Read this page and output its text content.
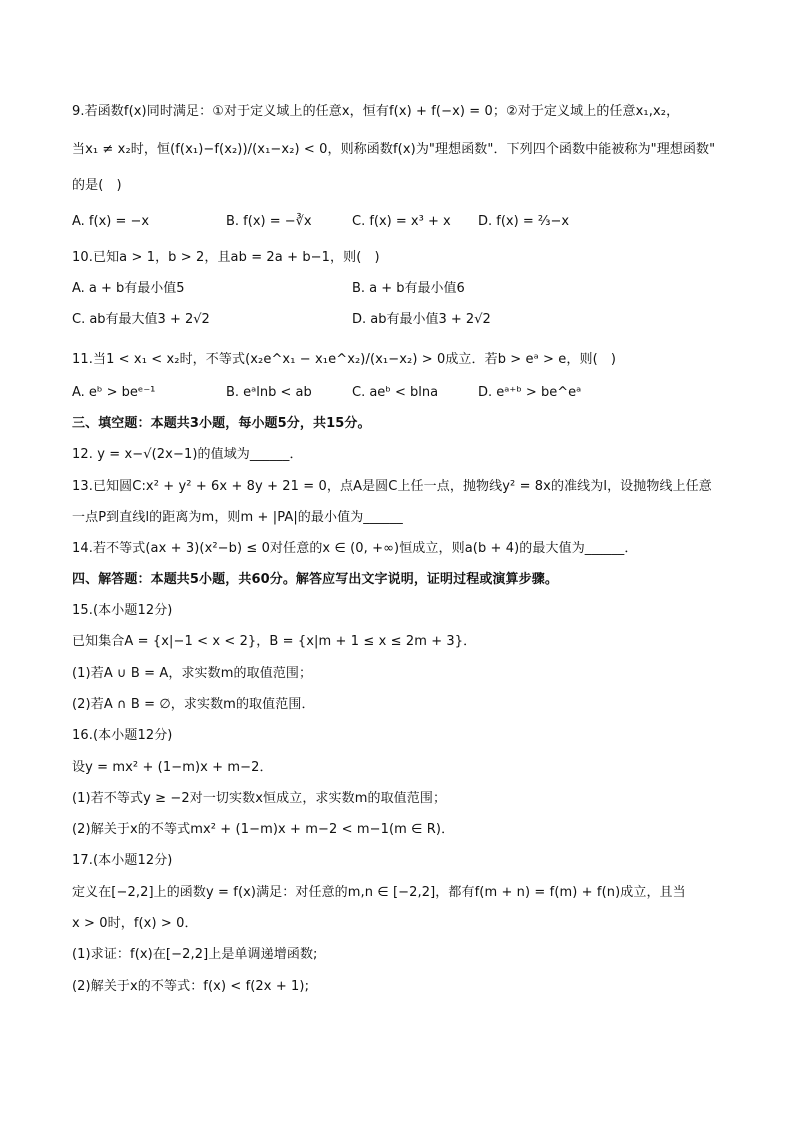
9.若函数f(x)同时满足：①对于定义域上的任意x，恒有f(x) + f(−x) = 0；②对于定义域上的任意x₁,x₂，
当x₁ ≠ x₂时，恒(f(x₁)−f(x₂))/(x₁−x₂) < 0，则称函数f(x)为"理想函数"．下列四个函数中能被称为"理想函数"
的是(　)
A. f(x) = −x	B. f(x) = −∛x	C. f(x) = x³ + x D. f(x) = ⅔−x
10.已知a > 1，b > 2，且ab = 2a + b−1，则(　)
A. a + b有最小值5	B. a + b有最小值6
C. ab有最大值3 + 2√2	D. ab有最小值3 + 2√2
11.当1 < x₁ < x₂时，不等式(x₂e^x₁ − x₁e^x₂)/(x₁−x₂) > 0成立．若b > eᵃ > e，则(　)
A. eᵇ > beᵉ⁻¹	B. eᵃlnb < ab	C. aeᵇ < blna	D. eᵃ⁺ᵇ > be^eᵃ
三、填空题：本题共3小题，每小题5分，共15分。
12. y = x−√(2x−1)的值域为______．
13.已知圆C:x² + y² + 6x + 8y + 21 = 0，点A是圆C上任一点，抛物线y² = 8x的准线为l，设抛物线上任意
一点P到直线l的距离为m，则m + |PA|的最小值为______
14.若不等式(ax + 3)(x²−b) ≤ 0对任意的x ∈ (0, +∞)恒成立，则a(b + 4)的最大值为______．
四、解答题：本题共5小题，共60分。解答应写出文字说明，证明过程或演算步骤。
15.(本小题12分)
已知集合A = {x|−1 < x < 2}，B = {x|m + 1 ≤ x ≤ 2m + 3}．
(1)若A ∪ B = A，求实数m的取值范围；
(2)若A ∩ B = ∅，求实数m的取值范围．
16.(本小题12分)
设y = mx² + (1−m)x + m−2．
(1)若不等式y ≥ −2对一切实数x恒成立，求实数m的取值范围；
(2)解关于x的不等式mx² + (1−m)x + m−2 < m−1(m ∈ R)．
17.(本小题12分)
定义在[−2,2]上的函数y = f(x)满足：对任意的m,n ∈ [−2,2]，都有f(m + n) = f(m) + f(n)成立，且当
x > 0时，f(x) > 0．
(1)求证：f(x)在[−2,2]上是单调递增函数;
(2)解关于x的不等式：f(x) < f(2x + 1);
